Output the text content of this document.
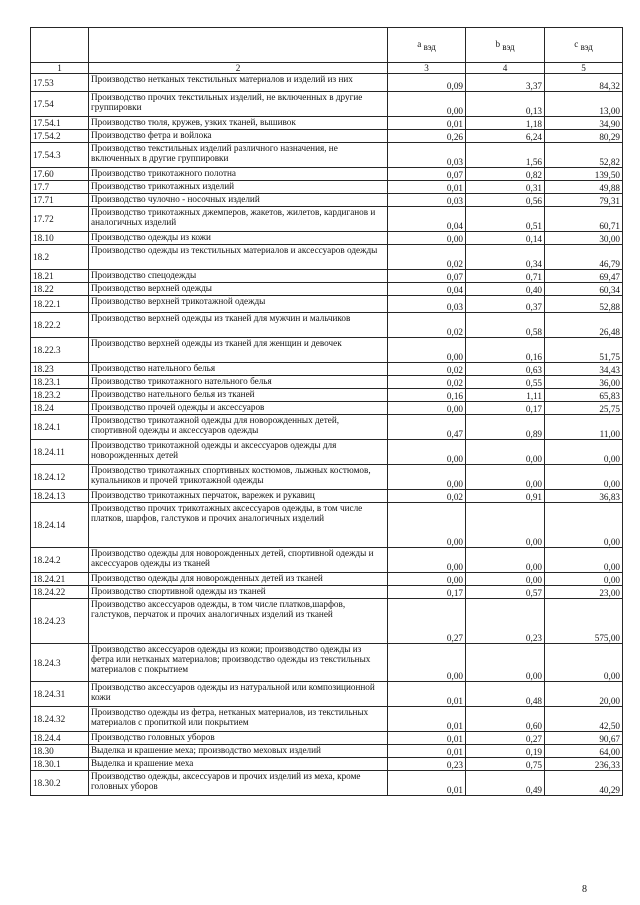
		a $_{вэд}$	b $_{вэд}$	c $_{вэд}$
1	2	3	4	5
17.53	Производство нетканых текстильных материалов и изделий из них	0,09	3,37	84,32
17.54	Производство прочих текстильных изделий, не включенных в другие группировки	0,00	0,13	13,00
17.54.1	Производство тюля, кружев, узких тканей, вышивок	0,01	1,18	34,90
17.54.2	Производство фетра и войлока	0,26	6,24	80,29
17.54.3	Производство текстильных изделий различного назначения, не включенных в другие группировки	0,03	1,56	52,82
17.60	Производство трикотажного полотна	0,07	0,82	139,50
17.7	Производство трикотажных изделий	0,01	0,31	49,88
17.71	Производство чулочно - носочных изделий	0,03	0,56	79,31
17.72	Производство трикотажных джемперов, жакетов, жилетов, кардиганов и аналогичных изделий	0,04	0,51	60,71
18.10	Производство одежды из кожи	0,00	0,14	30,00
18.2	Производство одежды из текстильных материалов и аксессуаров одежды	0,02	0,34	46,79
18.21	Производство спецодежды	0,07	0,71	69,47
18.22	Производство верхней одежды	0,04	0,40	60,34
18.22.1	Производство верхней трикотажной одежды	0,03	0,37	52,88
18.22.2	Производство верхней одежды из тканей для мужчин и мальчиков	0,02	0,58	26,48
18.22.3	Производство верхней одежды из тканей для женщин и девочек	0,00	0,16	51,75
18.23	Производство нательного белья	0,02	0,63	34,43
18.23.1	Производство трикотажного нательного белья	0,02	0,55	36,00
18.23.2	Производство нательного белья из тканей	0,16	1,11	65,83
18.24	Производство прочей одежды и аксессуаров	0,00	0,17	25,75
18.24.1	Производство трикотажной одежды для новорожденных детей, спортивной одежды и аксессуаров одежды	0,47	0,89	11,00
18.24.11	Производство трикотажной одежды и аксессуаров одежды для новорожденных детей	0,00	0,00	0,00
18.24.12	Производство трикотажных спортивных костюмов, лыжных костюмов, купальников и прочей трикотажной одежды	0,00	0,00	0,00
18.24.13	Производство трикотажных перчаток, варежек и рукавиц	0,02	0,91	36,83
18.24.14	Производство прочих трикотажных аксессуаров одежды, в том числе платков, шарфов, галстуков и прочих аналогичных изделий	0,00	0,00	0,00
18.24.2	Производство одежды для новорожденных детей, спортивной одежды и аксессуаров одежды из тканей	0,00	0,00	0,00
18.24.21	Производство одежды для новорожденных детей из тканей	0,00	0,00	0,00
18.24.22	Производство спортивной одежды из тканей	0,17	0,57	23,00
18.24.23	Производство аксессуаров одежды, в том числе платков,шарфов, галстуков, перчаток и прочих аналогичных изделий из тканей	0,27	0,23	575,00
18.24.3	Производство аксессуаров одежды из кожи; производство одежды из фетра или нетканых материалов; производство одежды из текстильных материалов с покрытием	0,00	0,00	0,00
18.24.31	Производство аксессуаров одежды из натуральной или композиционной кожи	0,01	0,48	20,00
18.24.32	Производство одежды из фетра, нетканых материалов, из текстильных материалов с пропиткой или покрытием	0,01	0,60	42,50
18.24.4	Производство головных уборов	0,01	0,27	90,67
18.30	Выделка и крашение меха; производство меховых изделий	0,01	0,19	64,00
18.30.1	Выделка и крашение меха	0,23	0,75	236,33
18.30.2	Производство одежды, аксессуаров и прочих изделий из меха, кроме головных уборов	0,01	0,49	40,29
8
